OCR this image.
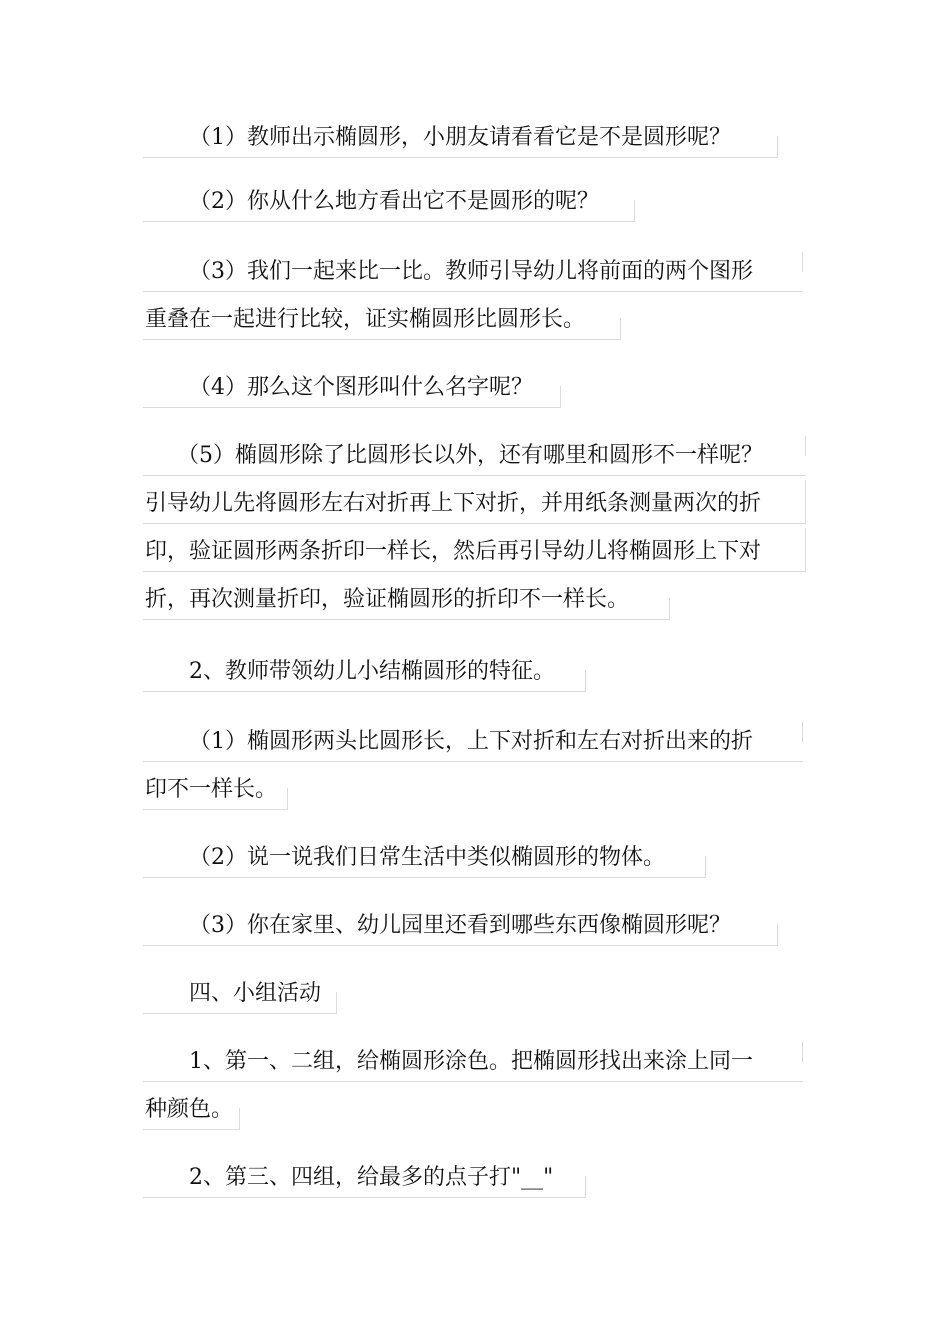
（1）教师出示椭圆形，小朋友请看看它是不是圆形呢？
（2）你从什么地方看出它不是圆形的呢？
（3）我们一起来比一比。教师引导幼儿将前面的两个图形
重叠在一起进行比较，证实椭圆形比圆形长。
（4）那么这个图形叫什么名字呢？
（5）椭圆形除了比圆形长以外，还有哪里和圆形不一样呢？
引导幼儿先将圆形左右对折再上下对折，并用纸条测量两次的折
印，验证圆形两条折印一样长，然后再引导幼儿将椭圆形上下对
折，再次测量折印，验证椭圆形的折印不一样长。
2、教师带领幼儿小结椭圆形的特征。
（1）椭圆形两头比圆形长，上下对折和左右对折出来的折
印不一样长。
（2）说一说我们日常生活中类似椭圆形的物体。
（3）你在家里、幼儿园里还看到哪些东西像椭圆形呢？
四、小组活动
1、第一、二组，给椭圆形涂色。把椭圆形找出来涂上同一
种颜色。
2、第三、四组，给最多的点子打"__"
